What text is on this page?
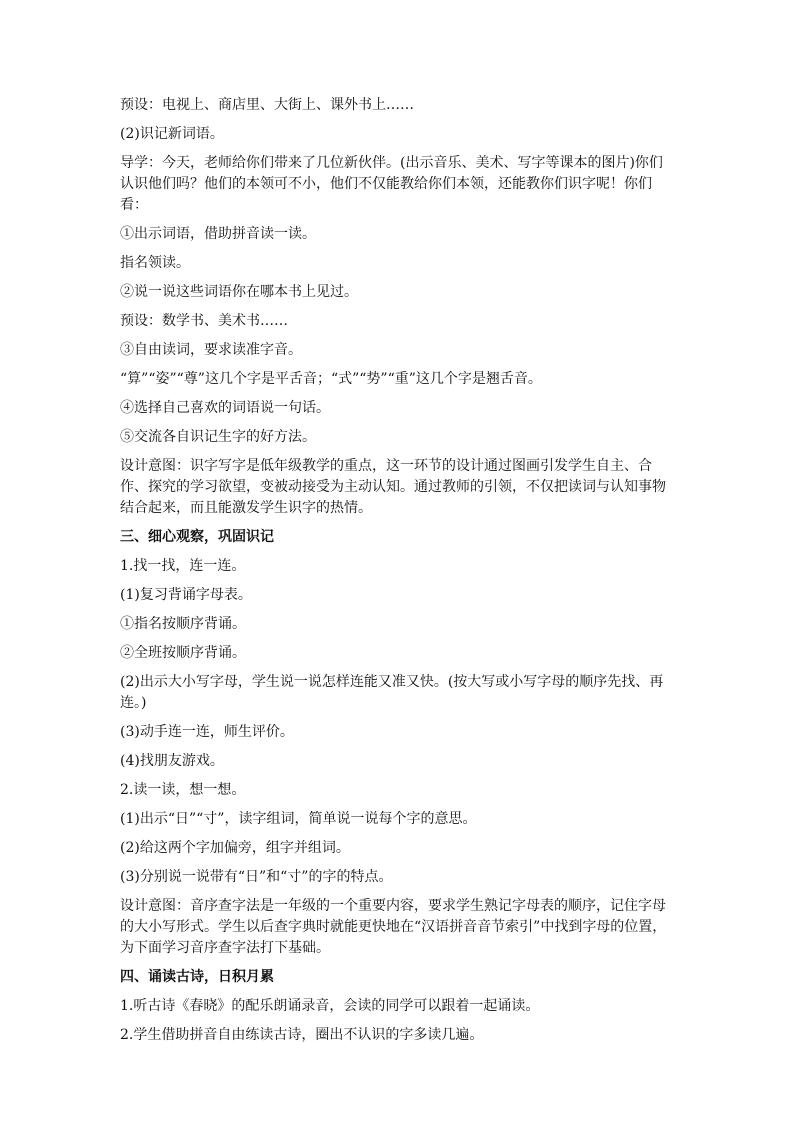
预设：电视上、商店里、大街上、课外书上……
(2)识记新词语。
导学：今天，老师给你们带来了几位新伙伴。(出示音乐、美术、写字等课本的图片)你们认识他们吗？他们的本领可不小，他们不仅能教给你们本领，还能教你们识字呢！你们看：
①出示词语，借助拼音读一读。
指名领读。
②说一说这些词语你在哪本书上见过。
预设：数学书、美术书……
③自由读词，要求读准字音。
“算”“姿”“尊”这几个字是平舌音；“式”“势”“重”这几个字是翘舌音。
④选择自己喜欢的词语说一句话。
⑤交流各自识记生字的好方法。
设计意图：识字写字是低年级教学的重点，这一环节的设计通过图画引发学生自主、合作、探究的学习欲望，变被动接受为主动认知。通过教师的引领，不仅把读词与认知事物结合起来，而且能激发学生识字的热情。
三、细心观察，巩固识记
1.找一找，连一连。
(1)复习背诵字母表。
①指名按顺序背诵。
②全班按顺序背诵。
(2)出示大小写字母，学生说一说怎样连能又准又快。(按大写或小写字母的顺序先找、再连。)
(3)动手连一连，师生评价。
(4)找朋友游戏。
2.读一读，想一想。
(1)出示“日”“寸”，读字组词，简单说一说每个字的意思。
(2)给这两个字加偏旁，组字并组词。
(3)分别说一说带有“日”和“寸”的字的特点。
设计意图：音序查字法是一年级的一个重要内容，要求学生熟记字母表的顺序，记住字母的大小写形式。学生以后查字典时就能更快地在“汉语拼音音节索引”中找到字母的位置，为下面学习音序查字法打下基础。
四、诵读古诗，日积月累
1.听古诗《春晓》的配乐朗诵录音，会读的同学可以跟着一起诵读。
2.学生借助拼音自由练读古诗，圈出不认识的字多读几遍。
